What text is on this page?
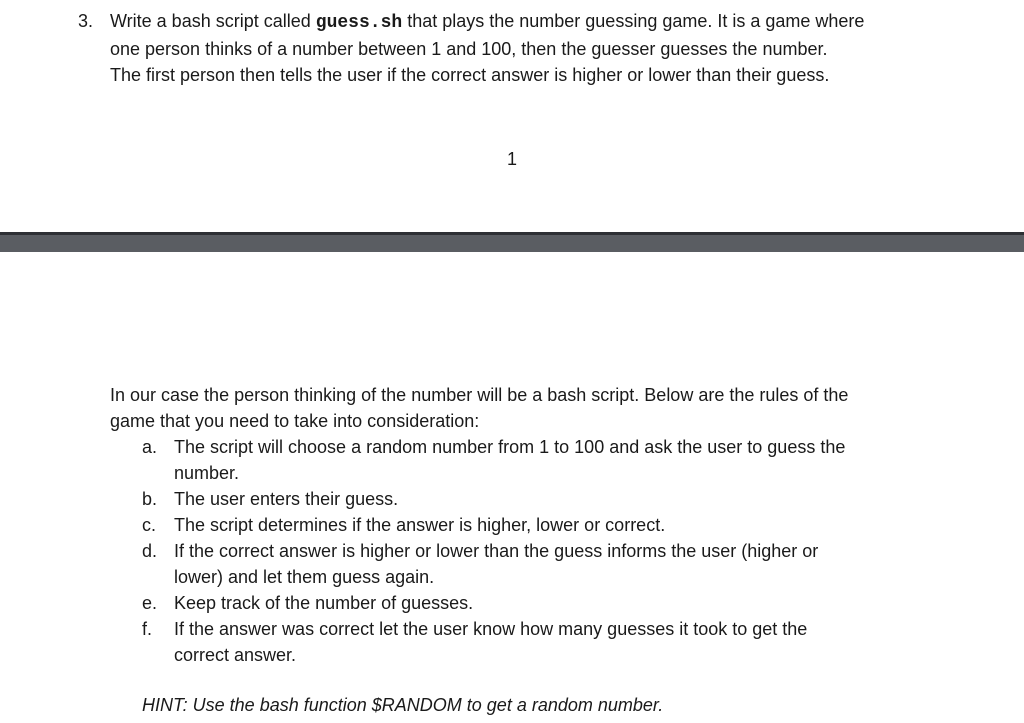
3. Write a bash script called guess.sh that plays the number guessing game. It is a game where
one person thinks of a number between 1 and 100, then the guesser guesses the number.
The first person then tells the user if the correct answer is higher or lower than their guess.
1
In our case the person thinking of the number will be a bash script. Below are the rules of the
game that you need to take into consideration:
a. The script will choose a random number from 1 to 100 and ask the user to guess the
number.
b. The user enters their guess.
c. The script determines if the answer is higher, lower or correct.
d. If the correct answer is higher or lower than the guess informs the user (higher or
lower) and let them guess again.
e. Keep track of the number of guesses.
f. If the answer was correct let the user know how many guesses it took to get the
correct answer.
HINT: Use the bash function $RANDOM to get a random number.
